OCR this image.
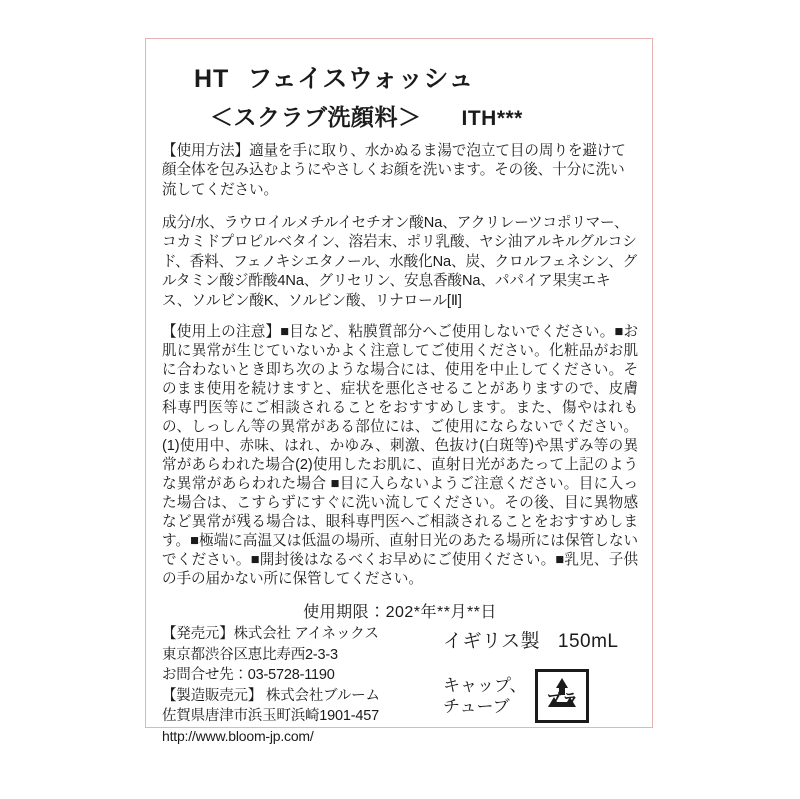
HT フェイスウォッシュ
＜スクラブ洗顔料＞ ITH***
【使用方法】適量を手に取り、水かぬるま湯で泡立て目の周りを避けて顔全体を包み込むようにやさしくお顔を洗います。その後、十分に洗い流してください。
成分/水、ラウロイルメチルイセチオン酸Na、アクリレーツコポリマー、コカミドプロピルベタイン、溶岩末、ポリ乳酸、ヤシ油アルキルグルコシド、香料、フェノキシエタノール、水酸化Na、炭、クロルフェネシン、グルタミン酸ジ酢酸4Na、グリセリン、安息香酸Na、パパイア果実エキス、ソルビン酸K、ソルビン酸、リナロール[Ⅱ]
【使用上の注意】■目など、粘膜質部分へご使用しないでください。■お肌に異常が生じていないかよく注意してご使用ください。化粧品がお肌に合わないとき即ち次のような場合には、使用を中止してください。そのまま使用を続けますと、症状を悪化させることがありますので、皮膚科専門医等にご相談されることをおすすめします。また、傷やはれもの、しっしん等の異常がある部位には、ご使用にならないでください。(1)使用中、赤味、はれ、かゆみ、刺激、色抜け(白斑等)や黒ずみ等の異常があらわれた場合(2)使用したお肌に、直射日光があたって上記のような異常があらわれた場合 ■目に入らないようご注意ください。目に入った場合は、こすらずにすぐに洗い流してください。その後、目に異物感など異常が残る場合は、眼科専門医へご相談されることをおすすめします。■極端に高温又は低温の場所、直射日光のあたる場所には保管しないでください。■開封後はなるべくお早めにご使用ください。■乳児、子供の手の届かない所に保管してください。
使用期限：202*年**月**日
【発売元】株式会社 アイネックス
東京都渋谷区恵比寿西2-3-3
お問合せ先：03-5728-1190
【製造販売元】 株式会社ブルーム
佐賀県唐津市浜玉町浜崎1901-457
http://www.bloom-jp.com/
イギリス製 150mL
キャップ、
チューブ	プラ
